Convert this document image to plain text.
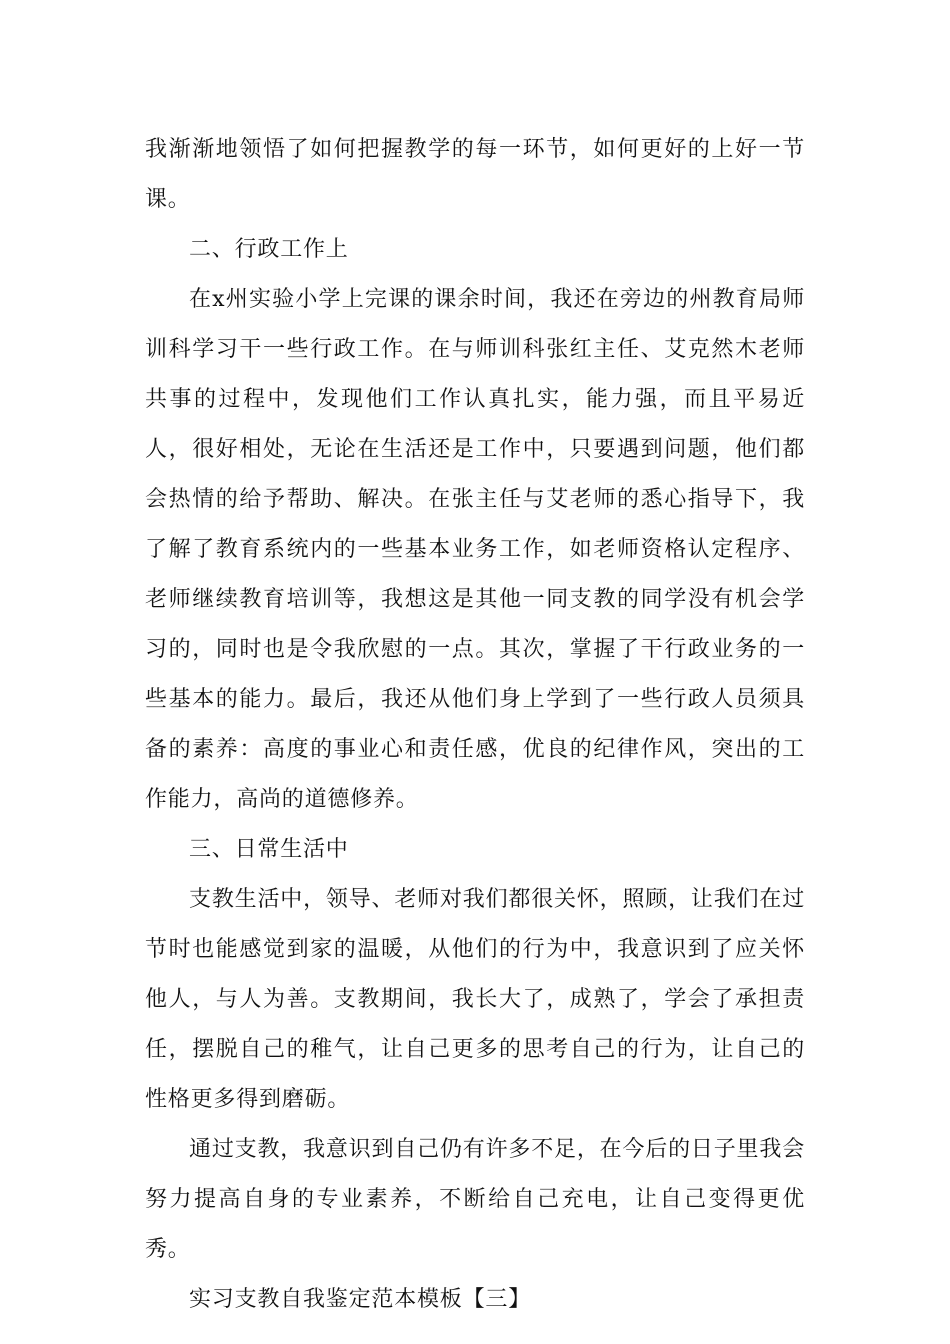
我渐渐地领悟了如何把握教学的每一环节，如何更好的上好一节课。

二、行政工作上

在x州实验小学上完课的课余时间，我还在旁边的州教育局师训科学习干一些行政工作。在与师训科张红主任、艾克然木老师共事的过程中，发现他们工作认真扎实，能力强，而且平易近人，很好相处，无论在生活还是工作中，只要遇到问题，他们都会热情的给予帮助、解决。在张主任与艾老师的悉心指导下，我了解了教育系统内的一些基本业务工作，如老师资格认定程序、老师继续教育培训等，我想这是其他一同支教的同学没有机会学习的，同时也是令我欣慰的一点。其次，掌握了干行政业务的一些基本的能力。最后，我还从他们身上学到了一些行政人员须具备的素养：高度的事业心和责任感，优良的纪律作风，突出的工作能力，高尚的道德修养。

三、日常生活中

支教生活中，领导、老师对我们都很关怀，照顾，让我们在过节时也能感觉到家的温暖，从他们的行为中，我意识到了应关怀他人，与人为善。支教期间，我长大了，成熟了，学会了承担责任，摆脱自己的稚气，让自己更多的思考自己的行为，让自己的性格更多得到磨砺。

通过支教，我意识到自己仍有许多不足，在今后的日子里我会努力提高自身的专业素养，不断给自己充电，让自己变得更优秀。

实习支教自我鉴定范本模板【三】
